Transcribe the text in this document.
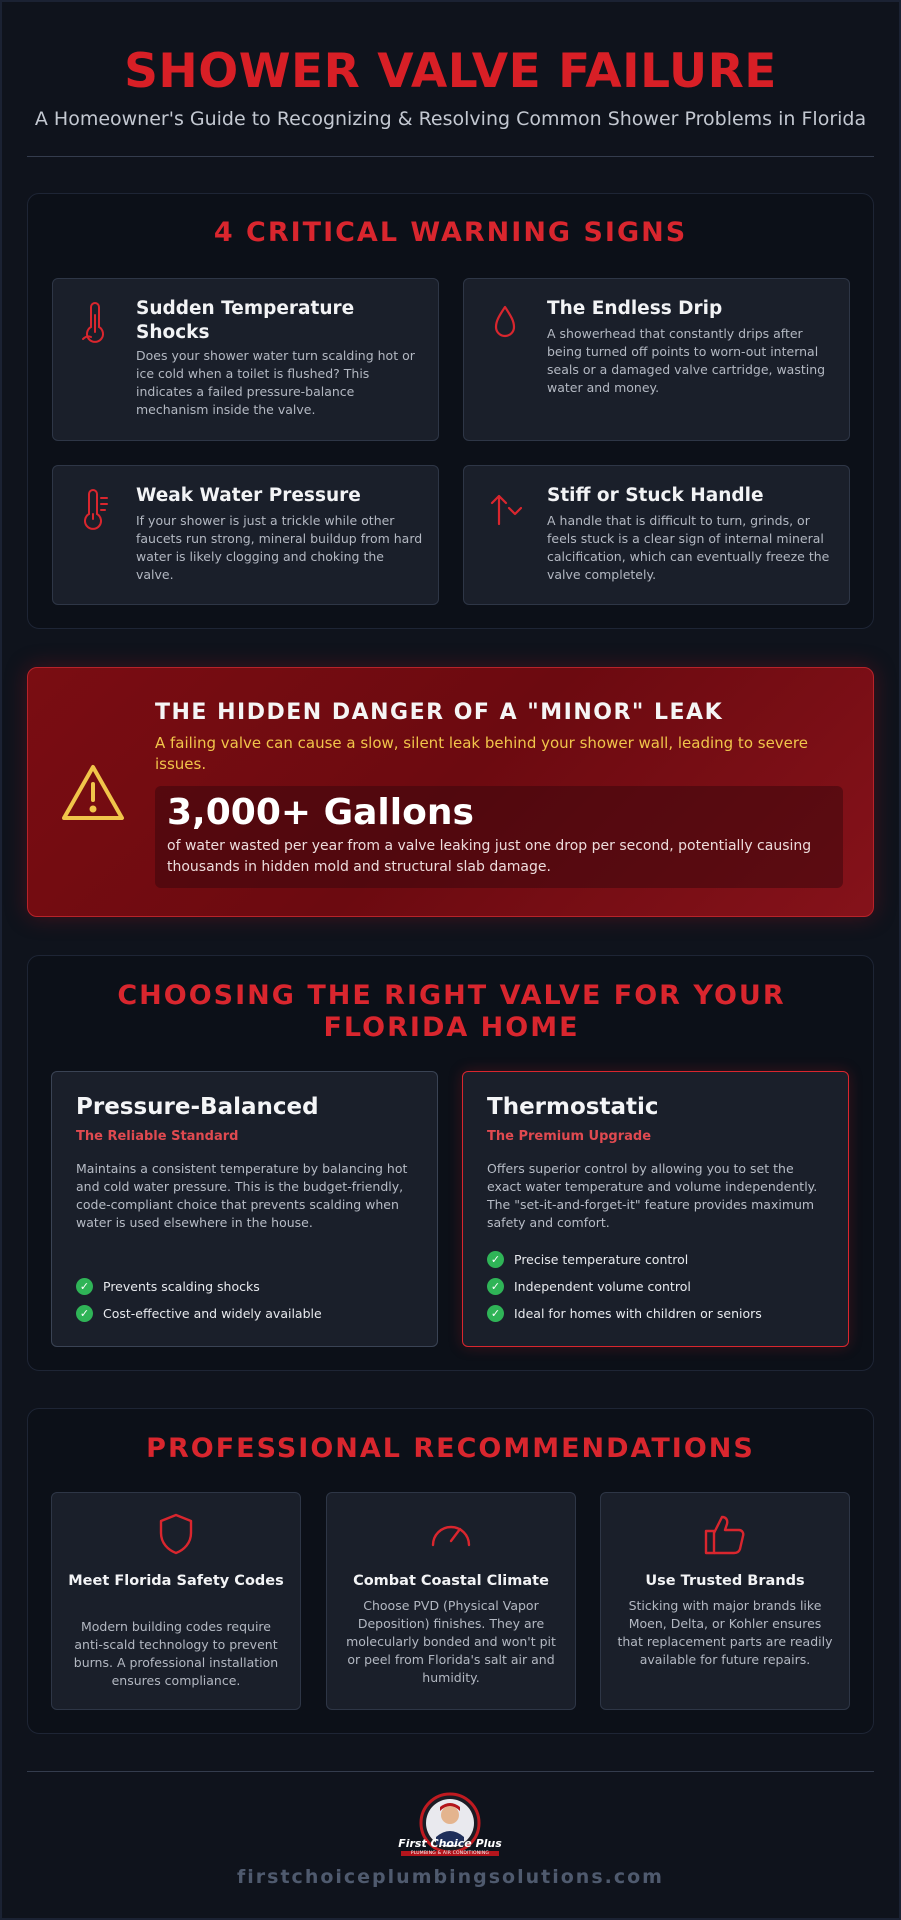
SHOWER VALVE FAILURE
A Homeowner's Guide to Recognizing & Resolving Common Shower Problems in Florida
4 CRITICAL WARNING SIGNS
Sudden Temperature Shocks

Does your shower water turn scalding hot or ice cold when a toilet is flushed? This indicates a failed pressure-balance mechanism inside the valve.

The Endless Drip

A showerhead that constantly drips after being turned off points to worn-out internal seals or a damaged valve cartridge, wasting water and money.

Weak Water Pressure

If your shower is just a trickle while other faucets run strong, mineral buildup from hard water is likely clogging and choking the valve.

Stiff or Stuck Handle

A handle that is difficult to turn, grinds, or feels stuck is a clear sign of internal mineral calcification, which can eventually freeze the valve completely.

THE HIDDEN DANGER OF A "MINOR" LEAK
A failing valve can cause a slow, silent leak behind your shower wall, leading to severe issues.
3,000+ Gallons
of water wasted per year from a valve leaking just one drop per second, potentially causing thousands in hidden mold and structural slab damage.
CHOOSING THE RIGHT VALVE FOR YOUR FLORIDA HOME
Pressure-Balanced
The Reliable Standard

Maintains a consistent temperature by balancing hot and cold water pressure. This is the budget-friendly, code-compliant choice that prevents scalding when water is used elsewhere in the house.

✓	Prevents scalding shocks
✓	Cost-effective and widely available
Thermostatic
The Premium Upgrade

Offers superior control by allowing you to set the exact water temperature and volume independently. The "set-it-and-forget-it" feature provides maximum safety and comfort.

✓	Precise temperature control
✓	Independent volume control
✓	Ideal for homes with children or seniors
PROFESSIONAL RECOMMENDATIONS
Meet Florida Safety Codes

Modern building codes require anti-scald technology to prevent burns. A professional installation ensures compliance.

Combat Coastal Climate

Choose PVD (Physical Vapor Deposition) finishes. They are molecularly bonded and won't pit or peel from Florida's salt air and humidity.

Use Trusted Brands

Sticking with major brands like Moen, Delta, or Kohler ensures that replacement parts are readily available for future repairs.

First Choice Plus
PLUMBING & AIR CONDITIONING
firstchoiceplumbingsolutions.com
